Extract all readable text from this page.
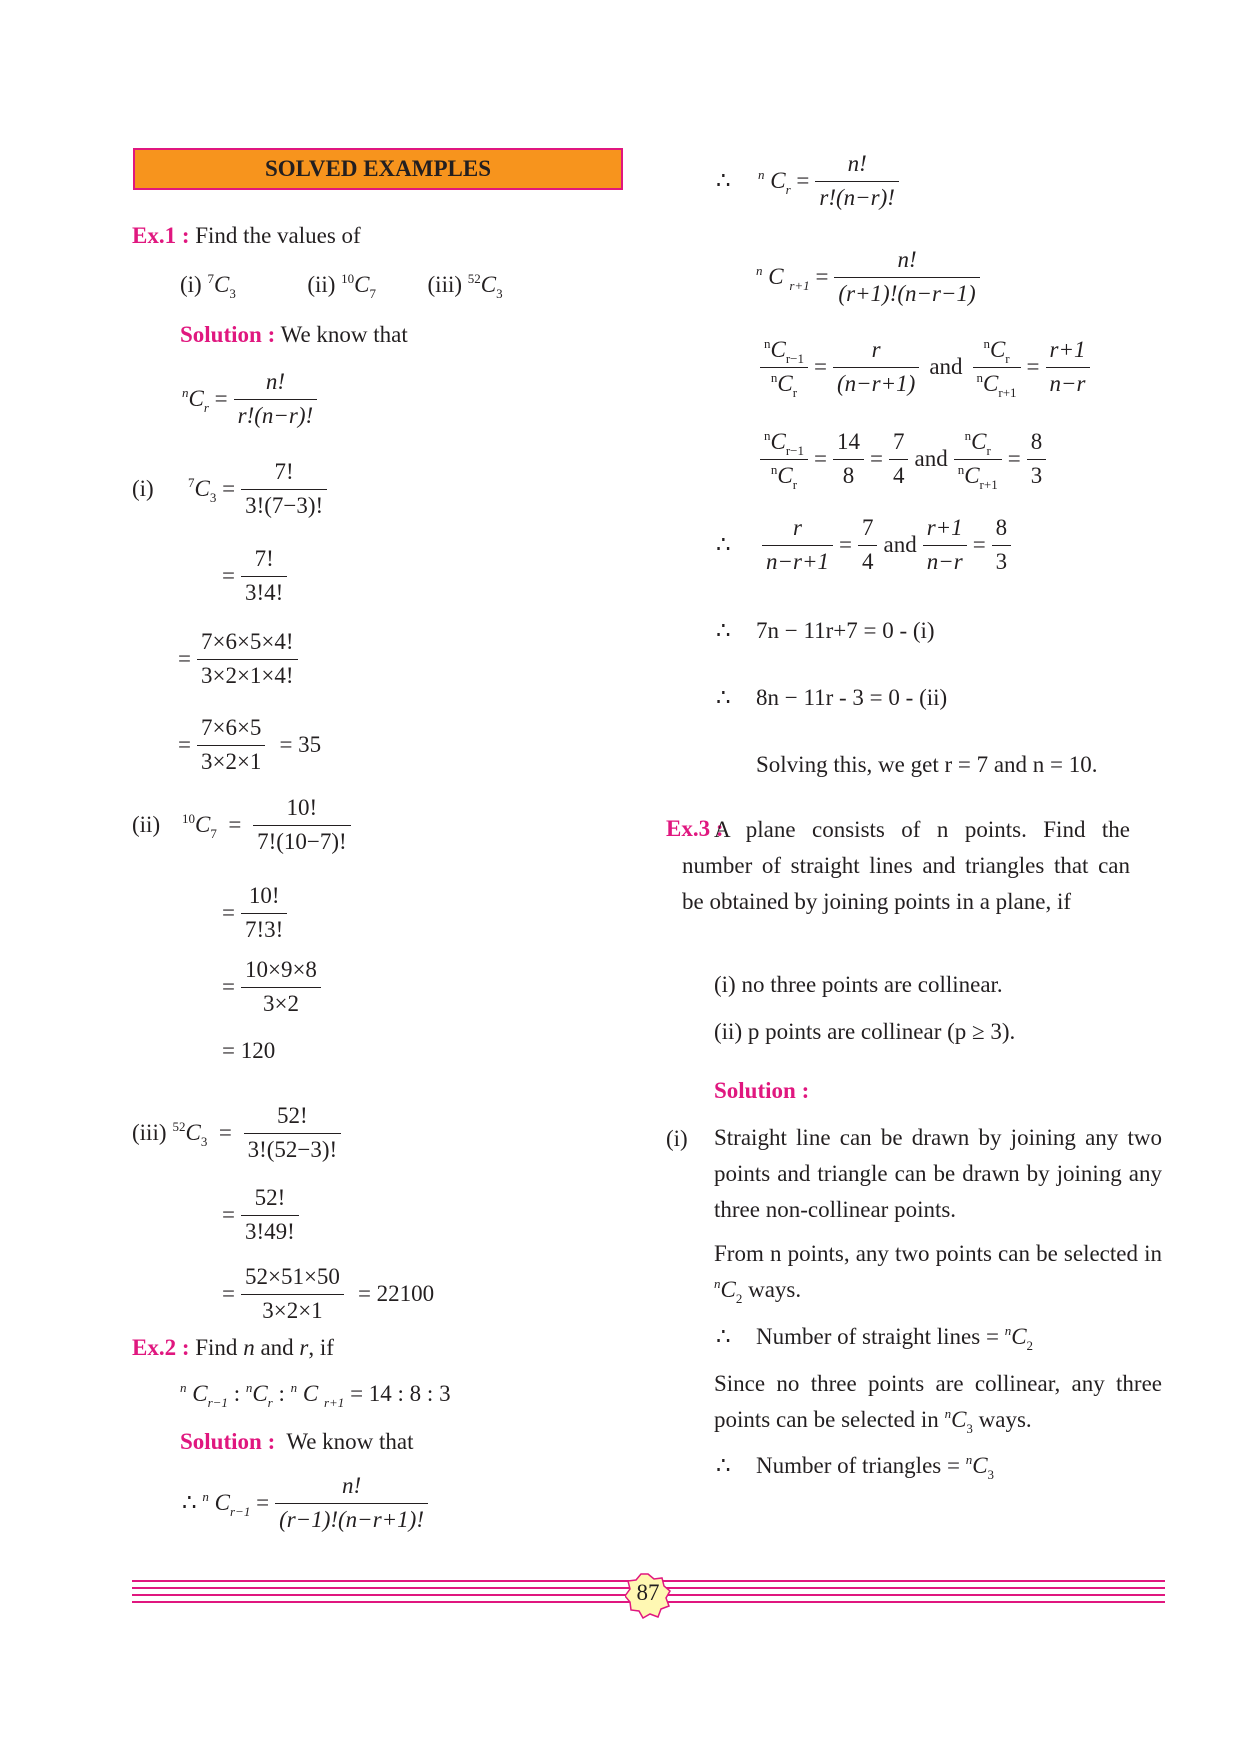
SOLVED EXAMPLES
Ex.1 : Find the values of
(i) $^7C_3$	(ii) $^{10}C_7$ (iii) $^{52}C_3$
Solution : We know that
$^nC_r = \frac{n!}{r!(n-r)!}$
(i)	$^7C_3 = \frac{7!}{3!(7-3)!}$
= $\frac{7!}{3!4!}$
= $\frac{7\times 6\times 5\times 4!}{3\times 2\times 1\times 4!}$
= $\frac{7\times 6\times 5}{3\times 2\times 1} = 35$
(ii)	$^{10}C_7 = \frac{10!}{7!(10-7)!}$
= $\frac{10!}{7!3!}$
= $\frac{10\times 9\times 8}{3\times 2}$
= 120
(iii) $^{52}C_3 = \frac{52!}{3!(52-3)!}$
= $\frac{52!}{3!49!}$
= $\frac{52\times 51\times 50}{3\times 2\times 1} = 22100$
Ex.2 : Find n and r, if
$^n$ $C_{r-1}$ : $^nC_r$ : $^n$ C $_{r+1}$ = 14 : 8 : 3
Solution : We know that
∴ $^n$ $C_{r-1} = \frac{n!}{(r-1)!(n-r+1)!}$
∴	$^n$ $C_r = \frac{n!}{r!(n-r)!}$
$^n$ C $_{r+1} = \frac{n!}{(r+1)!(n-r-1)}$
$\frac{^nC_{r-1}}{^nC_r} = \frac{r}{(n-r+1)}$ and $\frac{^nC_r}{^nC_{r+1}} = \frac{r+1}{n-r}$
$\frac{^nC_{r-1}}{^nC_r} = \frac{14}{8} = \frac{7}{4}$ and $\frac{^nC_r}{^nC_{r+1}} = \frac{8}{3}$
∴	$\frac{r}{n-r+1} = \frac{7}{4}$ and $\frac{r+1}{n-r} = \frac{8}{3}$
∴ 7n − 11r+7 = 0 - (i)
∴ 8n − 11r - 3 = 0 - (ii)
Solving this, we get r = 7 and n = 10.
Ex.3 :
A plane consists of n points. Find the number of straight lines and triangles that can be obtained by joining points in a plane, if
(i) no three points are collinear.
(ii) p points are collinear (p ≥ 3).
Solution :
(i) Straight line can be drawn by joining any two points and triangle can be drawn by joining any three non-collinear points.
From n points, any two points can be selected in $^nC_2$ ways.
∴ Number of straight lines = $^nC_2$
Since no three points are collinear, any three points can be selected in $^nC_3$ ways.
∴ Number of triangles = $^nC_3$
87
